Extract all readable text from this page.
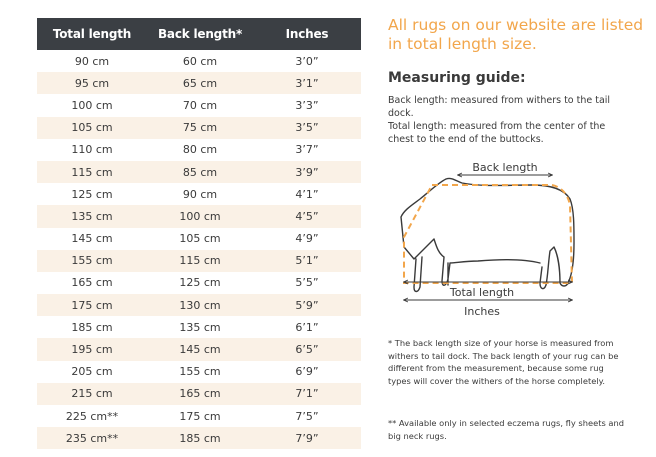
Total length	Back length*	Inches
90 cm	60 cm	3’0”
95 cm	65 cm	3’1”
100 cm	70 cm	3’3”
105 cm	75 cm	3’5”
110 cm	80 cm	3’7”
115 cm	85 cm	3’9”
125 cm	90 cm	4’1”
135 cm	100 cm	4’5”
145 cm	105 cm	4’9”
155 cm	115 cm	5’1”
165 cm	125 cm	5’5”
175 cm	130 cm	5’9”
185 cm	135 cm	6’1”
195 cm	145 cm	6’5”
205 cm	155 cm	6’9”
215 cm	165 cm	7’1”
225 cm**	175 cm	7’5”
235 cm**	185 cm	7’9”
All rugs on our website are listed in total length size.
Measuring guide:

Back length: measured from withers to the tail dock.

Total length: measured from the center of the chest to the end of the buttocks.

Back length
Total length
Inches

* The back length size of your horse is measured from withers to tail dock. The back length of your rug can be different from the measurement, because some rug types will cover the withers of the horse completely.

** Available only in selected eczema rugs, fly sheets and big neck rugs.
